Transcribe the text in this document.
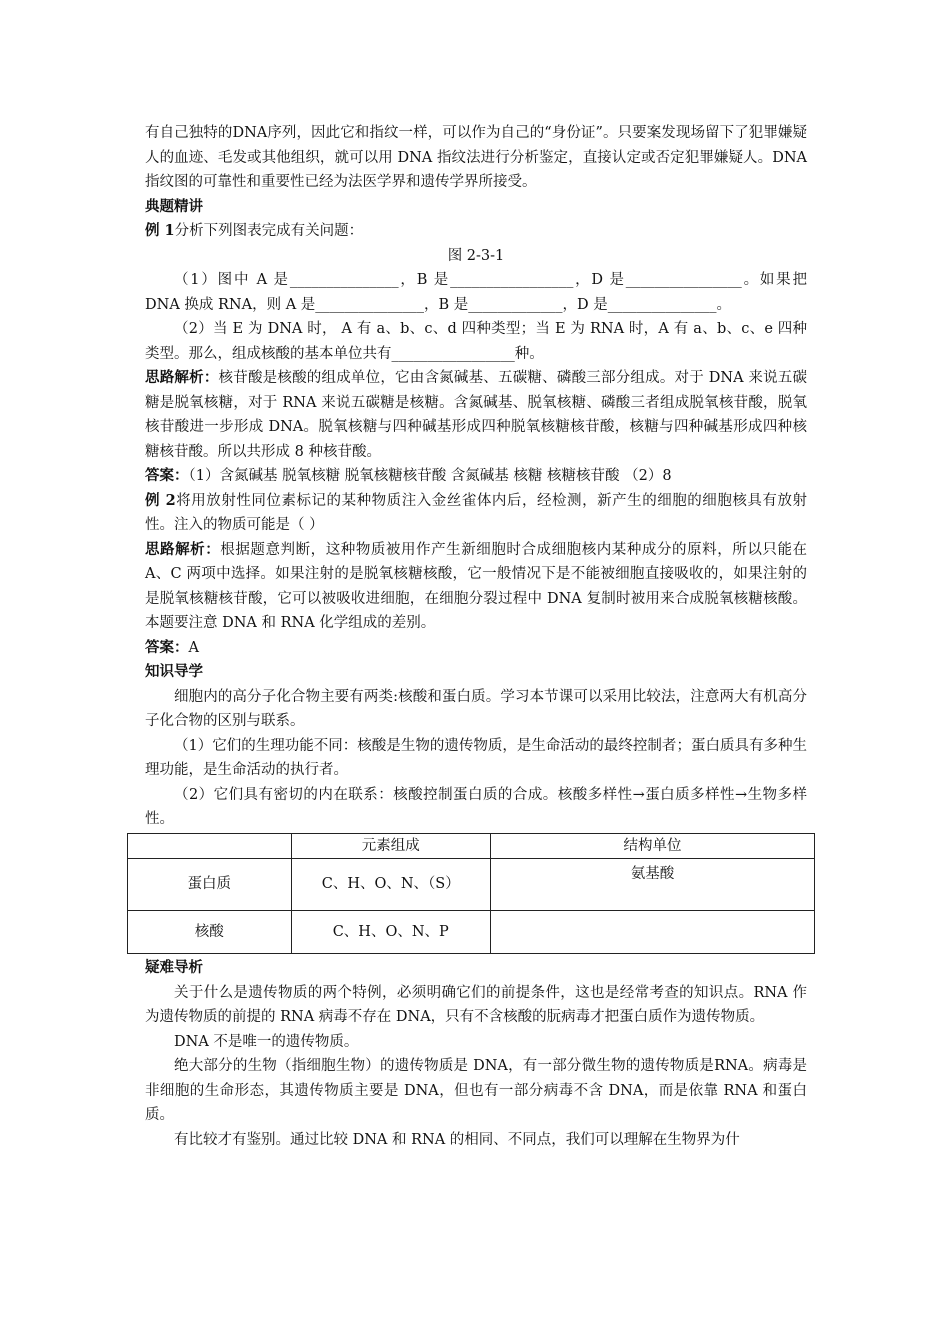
有自己独特的DNA序列，因此它和指纹一样，可以作为自己的“身份证”。只要案发现场留下了犯罪嫌疑人的血迹、毛发或其他组织，就可以用 DNA 指纹法进行分析鉴定，直接认定或否定犯罪嫌疑人。DNA 指纹图的可靠性和重要性已经为法医学界和遗传学界所接受。

典题精讲

例 1分析下列图表完成有关问题：

图 2-3-1

（1）图中 A 是_______________，B 是_________________，D 是________________。如果把 DNA 换成 RNA，则 A 是_______________，B 是_____________，D 是_______________。

（2）当 E 为 DNA 时， A 有 a、b、c、d 四种类型；当 E 为 RNA 时，A 有 a、b、c、e 四种类型。那么，组成核酸的基本单位共有_________________种。

思路解析：核苷酸是核酸的组成单位，它由含氮碱基、五碳糖、磷酸三部分组成。对于 DNA 来说五碳糖是脱氧核糖，对于 RNA 来说五碳糖是核糖。含氮碱基、脱氧核糖、磷酸三者组成脱氧核苷酸，脱氧核苷酸进一步形成 DNA。脱氧核糖与四种碱基形成四种脱氧核糖核苷酸，核糖与四种碱基形成四种核糖核苷酸。所以共形成 8 种核苷酸。

答案：（1）含氮碱基 脱氧核糖 脱氧核糖核苷酸 含氮碱基 核糖 核糖核苷酸 （2）8

例 2将用放射性同位素标记的某种物质注入金丝雀体内后，经检测，新产生的细胞的细胞核具有放射性。注入的物质可能是（ ）

思路解析：根据题意判断，这种物质被用作产生新细胞时合成细胞核内某种成分的原料，所以只能在 A、C 两项中选择。如果注射的是脱氧核糖核酸，它一般情况下是不能被细胞直接吸收的，如果注射的是脱氧核糖核苷酸，它可以被吸收进细胞，在细胞分裂过程中 DNA 复制时被用来合成脱氧核糖核酸。本题要注意 DNA 和 RNA 化学组成的差别。

答案：A

知识导学

细胞内的高分子化合物主要有两类:核酸和蛋白质。学习本节课可以采用比较法，注意两大有机高分子化合物的区别与联系。

（1）它们的生理功能不同：核酸是生物的遗传物质，是生命活动的最终控制者；蛋白质具有多种生理功能，是生命活动的执行者。

（2）它们具有密切的内在联系：核酸控制蛋白质的合成。核酸多样性→蛋白质多样性→生物多样性。

	元素组成	结构单位
蛋白质	C、H、O、N、（S）	氨基酸
核酸	C、H、O、N、P	

疑难导析

关于什么是遗传物质的两个特例，必须明确它们的前提条件，这也是经常考查的知识点。RNA 作为遗传物质的前提的 RNA 病毒不存在 DNA，只有不含核酸的朊病毒才把蛋白质作为遗传物质。

DNA 不是唯一的遗传物质。

绝大部分的生物（指细胞生物）的遗传物质是 DNA，有一部分微生物的遗传物质是RNA。病毒是非细胞的生命形态，其遗传物质主要是 DNA，但也有一部分病毒不含 DNA，而是依靠 RNA 和蛋白质。

有比较才有鉴别。通过比较 DNA 和 RNA 的相同、不同点，我们可以理解在生物界为什
